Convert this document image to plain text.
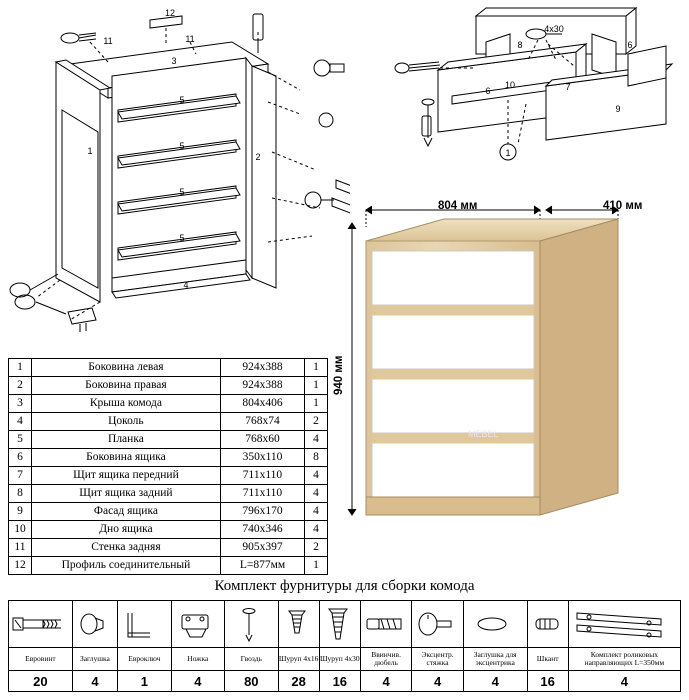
12
11	11
3
5
5
5
5
1
2
4
8
4х30
6
6
10	7
9
1
MEBEL
804 мм	410 мм
940 мм
1	Боковина левая	924х388	1
2	Боковина правая	924х388	1
3	Крыша комода	804х406	1
4	Цоколь	768х74	2
5	Планка	768х60	4
6	Боковина ящика	350х110	8
7	Щит ящика передний	711х110	4
8	Щит ящика задний	711х110	4
9	Фасад ящика	796х170	4
10	Дно ящика	740х346	4
11	Стенка задняя	905х397	2
12	Профиль соединительный	L=877мм	1
Комплект фурнитуры для сборки комода

Евровинт	Заглушка	Евроключ	Ножка	Гвоздь	Шуруп 4х16	Шуруп 4х30	Ввинчив. дюбель	Эксцентр. стяжка	Заглушка для эксцентрика	Шкант	Комплект роликовых направляющих L=350мм
20	4	1	4	80	28	16	4	4	4	16	4
